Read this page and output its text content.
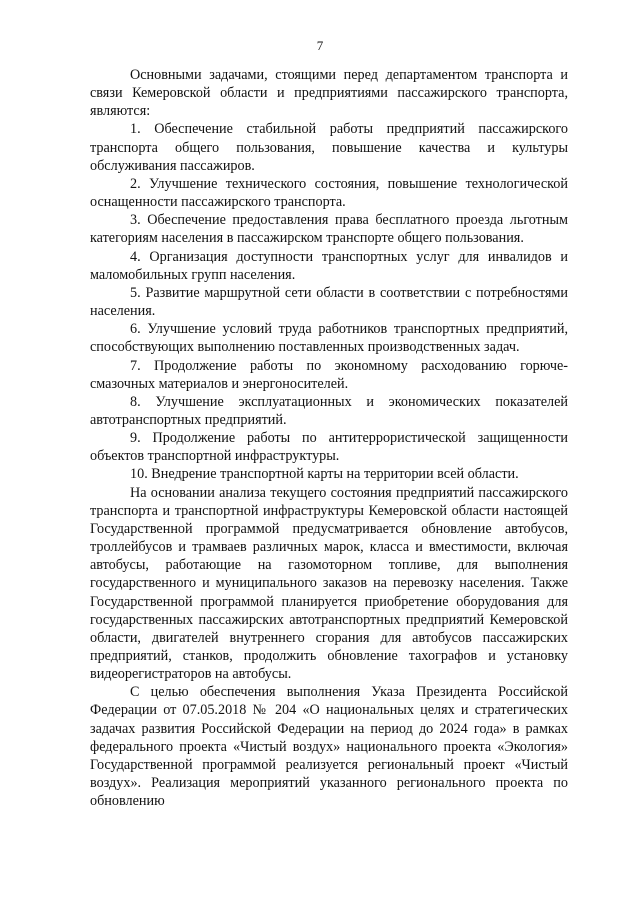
7

Основными задачами, стоящими перед департаментом транспорта и связи Кемеровской области и предприятиями пассажирского транспорта, являются:

1. Обеспечение стабильной работы предприятий пассажирского транспорта общего пользования, повышение качества и культуры обслуживания пассажиров.

2. Улучшение технического состояния, повышение технологической оснащенности пассажирского транспорта.

3. Обеспечение предоставления права бесплатного проезда льготным категориям населения в пассажирском транспорте общего пользования.

4. Организация доступности транспортных услуг для инвалидов и маломобильных групп населения.

5. Развитие маршрутной сети области в соответствии с потребностями населения.

6. Улучшение условий труда работников транспортных предприятий, способствующих выполнению поставленных производственных задач.

7. Продолжение работы по экономному расходованию горюче-смазочных материалов и энергоносителей.

8. Улучшение эксплуатационных и экономических показателей автотранспортных предприятий.

9. Продолжение работы по антитеррористической защищенности объектов транспортной инфраструктуры.

10. Внедрение транспортной карты на территории всей области.

На основании анализа текущего состояния предприятий пассажирского транспорта и транспортной инфраструктуры Кемеровской области настоящей Государственной программой предусматривается обновление автобусов, троллейбусов и трамваев различных марок, класса и вместимости, включая автобусы, работающие на газомоторном топливе, для выполнения государственного и муниципального заказов на перевозку населения. Также Государственной программой планируется приобретение оборудования для государственных пассажирских автотранспортных предприятий Кемеровской области, двигателей внутреннего сгорания для автобусов пассажирских предприятий, станков, продолжить обновление тахографов и установку видеорегистраторов на автобусы.

С целью обеспечения выполнения Указа Президента Российской Федерации от 07.05.2018 № 204 «О национальных целях и стратегических задачах развития Российской Федерации на период до 2024 года» в рамках федерального проекта «Чистый воздух» национального проекта «Экология» Государственной программой реализуется региональный проект «Чистый воздух». Реализация мероприятий указанного регионального проекта по обновлению
